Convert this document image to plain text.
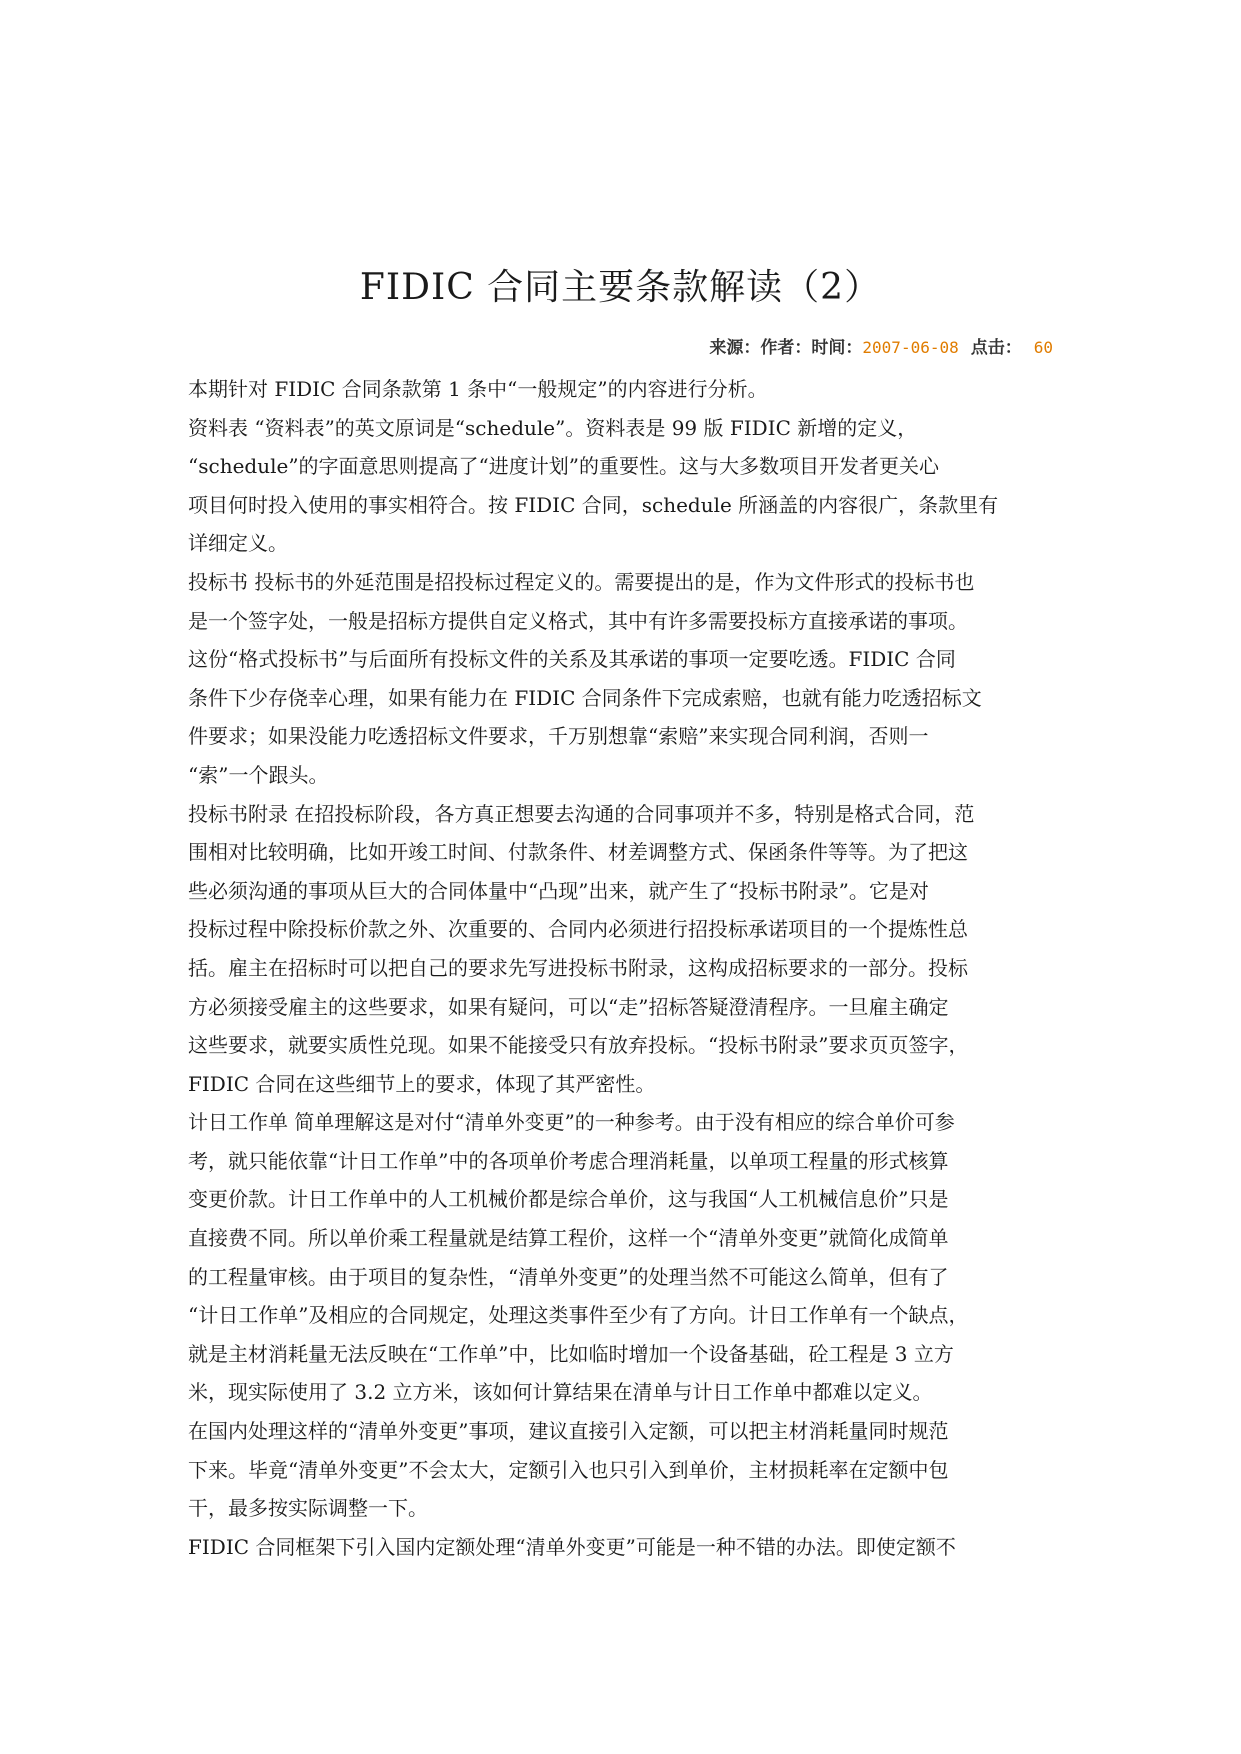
FIDIC 合同主要条款解读（2）
来源：作者：时间：2007-06-08 点击： 60
本期针对 FIDIC 合同条款第 1 条中“一般规定”的内容进行分析。
资料表 “资料表”的英文原词是“schedule”。资料表是 99 版 FIDIC 新增的定义，
“schedule”的字面意思则提高了“进度计划”的重要性。这与大多数项目开发者更关心
项目何时投入使用的事实相符合。按 FIDIC 合同，schedule 所涵盖的内容很广，条款里有
详细定义。
投标书 投标书的外延范围是招投标过程定义的。需要提出的是，作为文件形式的投标书也
是一个签字处，一般是招标方提供自定义格式，其中有许多需要投标方直接承诺的事项。
这份“格式投标书”与后面所有投标文件的关系及其承诺的事项一定要吃透。FIDIC 合同
条件下少存侥幸心理，如果有能力在 FIDIC 合同条件下完成索赔，也就有能力吃透招标文
件要求；如果没能力吃透招标文件要求，千万别想靠“索赔”来实现合同利润，否则一
“索”一个跟头。
投标书附录 在招投标阶段，各方真正想要去沟通的合同事项并不多，特别是格式合同，范
围相对比较明确，比如开竣工时间、付款条件、材差调整方式、保函条件等等。为了把这
些必须沟通的事项从巨大的合同体量中“凸现”出来，就产生了“投标书附录”。它是对
投标过程中除投标价款之外、次重要的、合同内必须进行招投标承诺项目的一个提炼性总
括。雇主在招标时可以把自己的要求先写进投标书附录，这构成招标要求的一部分。投标
方必须接受雇主的这些要求，如果有疑问，可以“走”招标答疑澄清程序。一旦雇主确定
这些要求，就要实质性兑现。如果不能接受只有放弃投标。“投标书附录”要求页页签字，
FIDIC 合同在这些细节上的要求，体现了其严密性。
计日工作单 简单理解这是对付“清单外变更”的一种参考。由于没有相应的综合单价可参
考，就只能依靠“计日工作单”中的各项单价考虑合理消耗量，以单项工程量的形式核算
变更价款。计日工作单中的人工机械价都是综合单价，这与我国“人工机械信息价”只是
直接费不同。所以单价乘工程量就是结算工程价，这样一个“清单外变更”就简化成简单
的工程量审核。由于项目的复杂性，“清单外变更”的处理当然不可能这么简单，但有了
“计日工作单”及相应的合同规定，处理这类事件至少有了方向。计日工作单有一个缺点，
就是主材消耗量无法反映在“工作单”中，比如临时增加一个设备基础，砼工程是 3 立方
米，现实际使用了 3.2 立方米，该如何计算结果在清单与计日工作单中都难以定义。
在国内处理这样的“清单外变更”事项，建议直接引入定额，可以把主材消耗量同时规范
下来。毕竟“清单外变更”不会太大，定额引入也只引入到单价，主材损耗率在定额中包
干，最多按实际调整一下。
FIDIC 合同框架下引入国内定额处理“清单外变更”可能是一种不错的办法。即使定额不
